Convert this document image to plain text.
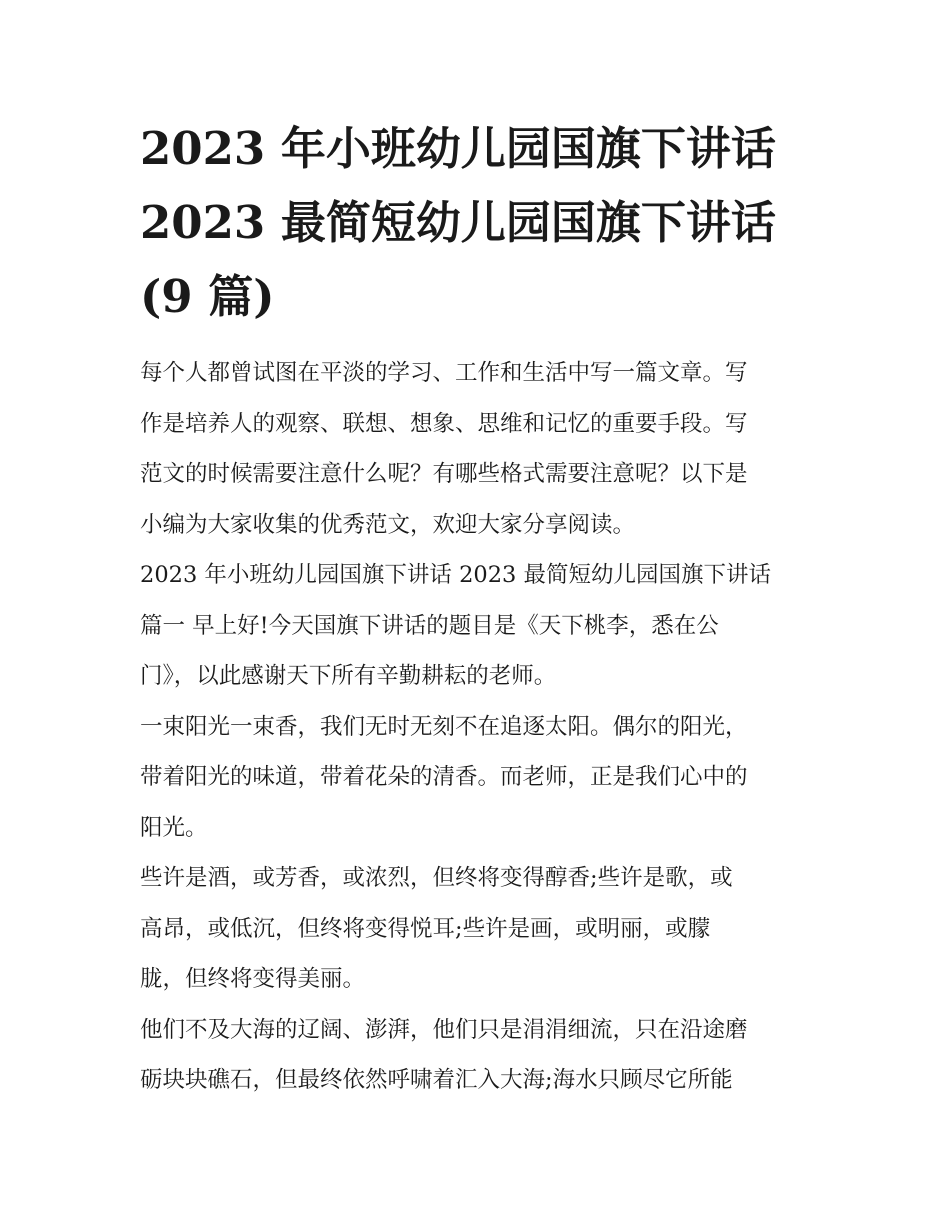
2023 年小班幼儿园国旗下讲话
2023 最简短幼儿园国旗下讲话
(9 篇)
每个人都曾试图在平淡的学习、工作和生活中写一篇文章。写
作是培养人的观察、联想、想象、思维和记忆的重要手段。写
范文的时候需要注意什么呢？有哪些格式需要注意呢？以下是
小编为大家收集的优秀范文，欢迎大家分享阅读。
2023 年小班幼儿园国旗下讲话 2023 最简短幼儿园国旗下讲话
篇一 早上好!今天国旗下讲话的题目是《天下桃李，悉在公
门》，以此感谢天下所有辛勤耕耘的老师。
一束阳光一束香，我们无时无刻不在追逐太阳。偶尔的阳光，
带着阳光的味道，带着花朵的清香。而老师，正是我们心中的
阳光。
些许是酒，或芳香，或浓烈，但终将变得醇香;些许是歌，或
高昂，或低沉，但终将变得悦耳;些许是画，或明丽，或朦
胧，但终将变得美丽。
他们不及大海的辽阔、澎湃，他们只是涓涓细流，只在沿途磨
砺块块礁石，但最终依然呼啸着汇入大海;海水只顾尽它所能
